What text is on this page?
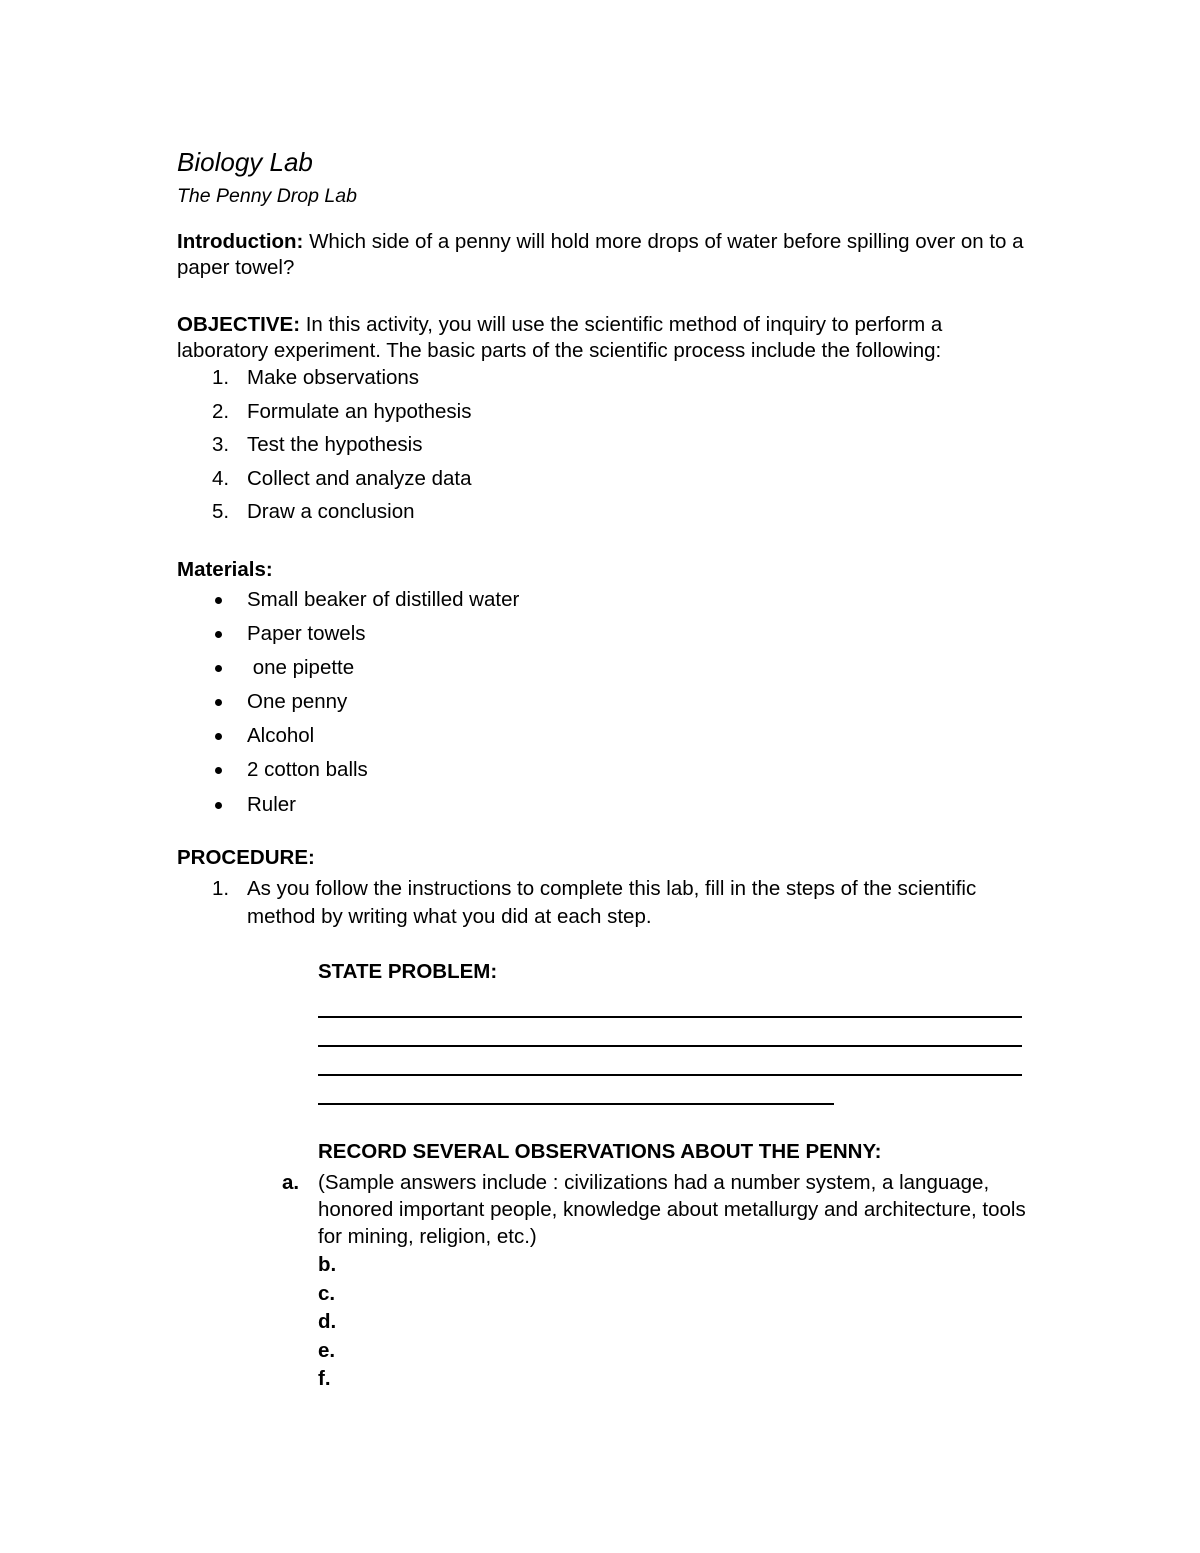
Biology Lab

The Penny Drop Lab

Introduction: Which side of a penny will hold more drops of water before spilling over on to a paper towel?

OBJECTIVE: In this activity, you will use the scientific method of inquiry to perform a laboratory experiment. The basic parts of the scientific process include the following:

1. Make observations
2. Formulate an hypothesis
3. Test the hypothesis
4. Collect and analyze data
5. Draw a conclusion

Materials:

Small beaker of distilled water
Paper towels
one pipette
One penny
Alcohol
2 cotton balls
Ruler

PROCEDURE:

1. As you follow the instructions to complete this lab, fill in the steps of the scientific method by writing what you did at each step.

STATE PROBLEM:

RECORD SEVERAL OBSERVATIONS ABOUT THE PENNY:

a. (Sample answers include : civilizations had a number system, a language, honored important people, knowledge about metallurgy and architecture, tools for mining, religion, etc.)
b.

c.

d.

e.

f.
